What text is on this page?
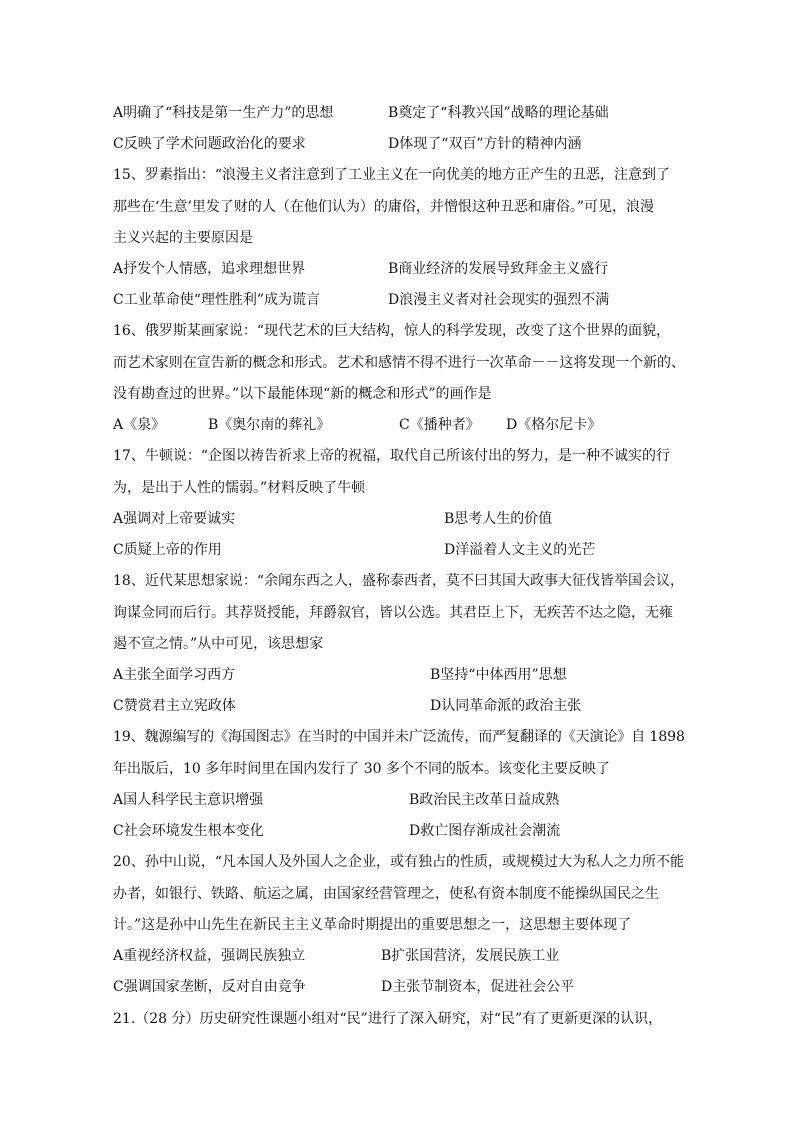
A明确了“科技是第一生产力”的思想	B奠定了“科教兴国”战略的理论基础
C反映了学术问题政治化的要求	D体现了“双百”方针的精神内涵
15、罗素指出：“浪漫主义者注意到了工业主义在一向优美的地方正产生的丑恶，注意到了
那些在‘生意’里发了财的人（在他们认为）的庸俗，并憎恨这种丑恶和庸俗。”可见，浪漫
主义兴起的主要原因是
A抒发个人情感，追求理想世界	B商业经济的发展导致拜金主义盛行
C工业革命使“理性胜利”成为谎言	D浪漫主义者对社会现实的强烈不满
16、俄罗斯某画家说：“现代艺术的巨大结构，惊人的科学发现，改变了这个世界的面貌，
而艺术家则在宣告新的概念和形式。艺术和感情不得不进行一次革命－－这将发现一个新的、
没有勘查过的世界。”以下最能体现“新的概念和形式”的画作是
A《泉》	B《奥尔南的葬礼》	C《播种者》 D《格尔尼卡》
17、牛顿说：“企图以祷告祈求上帝的祝福，取代自己所该付出的努力，是一种不诚实的行
为，是出于人性的懦弱。”材料反映了牛顿
A强调对上帝要诚实	B思考人生的价值
C质疑上帝的作用	D洋溢着人文主义的光芒
18、近代某思想家说：“余闻东西之人，盛称泰西者，莫不曰其国大政事大征伐皆举国会议，
询谋佥同而后行。其荐贤授能，拜爵叙官，皆以公选。其君臣上下，无疾苦不达之隐，无雍
遏不宣之情。”从中可见，该思想家
A主张全面学习西方	B坚持“中体西用”思想
C赞赏君主立宪政体	D认同革命派的政治主张
19、魏源编写的《海国图志》在当时的中国并未广泛流传，而严复翻译的《天演论》自 1898
年出版后，10 多年时间里在国内发行了 30 多个不同的版本。该变化主要反映了
A国人科学民主意识增强	B政治民主改革日益成熟
C社会环境发生根本变化	D救亡图存渐成社会潮流
20、孙中山说，“凡本国人及外国人之企业，或有独占的性质，或规模过大为私人之力所不能
办者，如银行、铁路、航运之属，由国家经营管理之，使私有资本制度不能操纵国民之生
计。”这是孙中山先生在新民主主义革命时期提出的重要思想之一，这思想主要体现了
A重视经济权益，强调民族独立	B扩张国营济，发展民族工业
C强调国家垄断，反对自由竞争	D主张节制资本，促进社会公平
21.（28 分）历史研究性课题小组对“民”进行了深入研究，对“民”有了更新更深的认识，
